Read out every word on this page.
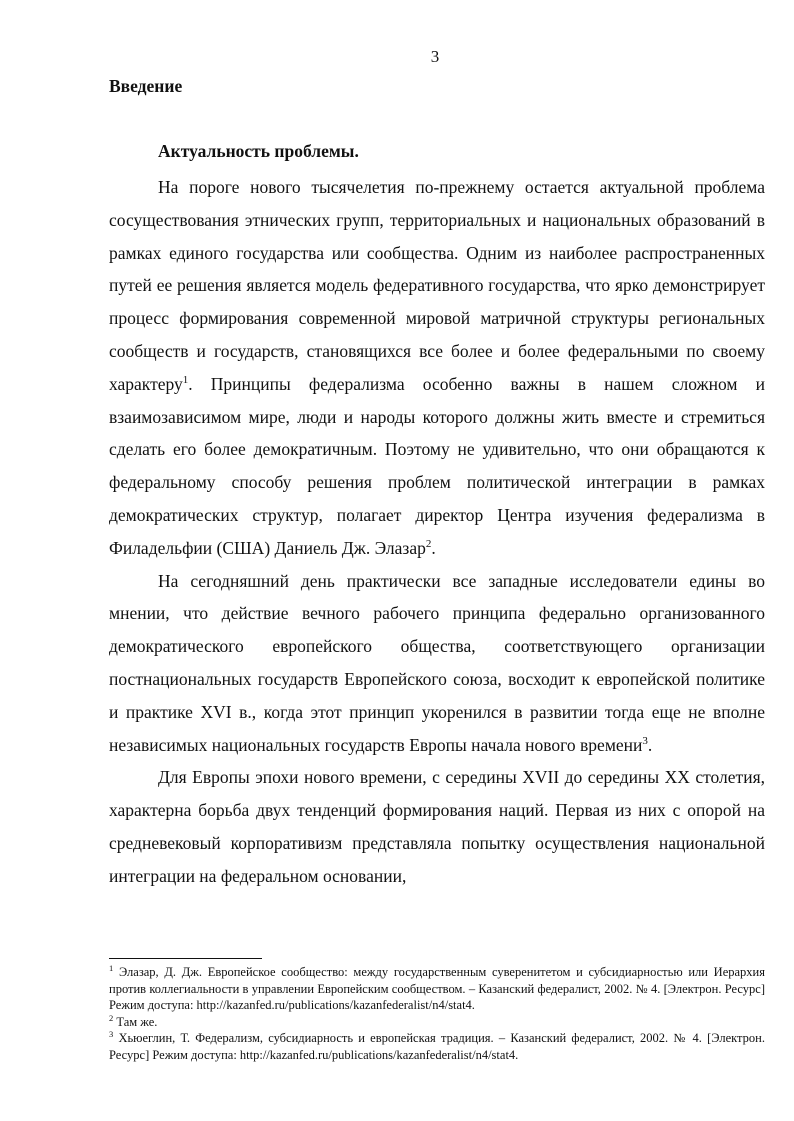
3
Введение
Актуальность проблемы.

На пороге нового тысячелетия по-прежнему остается актуальной проблема сосуществования этнических групп, территориальных и национальных образований в рамках единого государства или сообщества. Одним из наиболее распространенных путей ее решения является модель федеративного государства, что ярко демонстрирует процесс формирования современной мировой матричной структуры региональных сообществ и государств, становящихся все более и более федеральными по своему характеру$^1$. Принципы федерализма особенно важны в нашем сложном и взаимозависимом мире, люди и народы которого должны жить вместе и стремиться сделать его более демократичным. Поэтому не удивительно, что они обращаются к федеральному способу решения проблем политической интеграции в рамках демократических структур, полагает директор Центра изучения федерализма в Филадельфии (США) Даниель Дж. Элазар$^2$.

На сегодняшний день практически все западные исследователи едины во мнении, что действие вечного рабочего принципа федерально организованного демократического европейского общества, соответствующего организации постнациональных государств Европейского союза, восходит к европейской политике и практике XVI в., когда этот принцип укоренился в развитии тогда еще не вполне независимых национальных государств Европы начала нового времени$^3$.

Для Европы эпохи нового времени, с середины XVII до середины XX столетия, характерна борьба двух тенденций формирования наций. Первая из них с опорой на средневековый корпоративизм представляла попытку осуществления национальной интеграции на федеральном основании,

$^1$ Элазар, Д. Дж. Европейское сообщество: между государственным суверенитетом и субсидиарностью или Иерархия против коллегиальности в управлении Европейским сообществом. – Казанский федералист, 2002. № 4. [Электрон. Ресурс] Режим доступа: http://kazanfed.ru/publications/kazanfederalist/n4/stat4.

$^2$ Там же.

$^3$ Хьюеглин, Т. Федерализм, субсидиарность и европейская традиция. – Казанский федералист, 2002. № 4. [Электрон. Ресурс] Режим доступа: http://kazanfed.ru/publications/kazanfederalist/n4/stat4.
